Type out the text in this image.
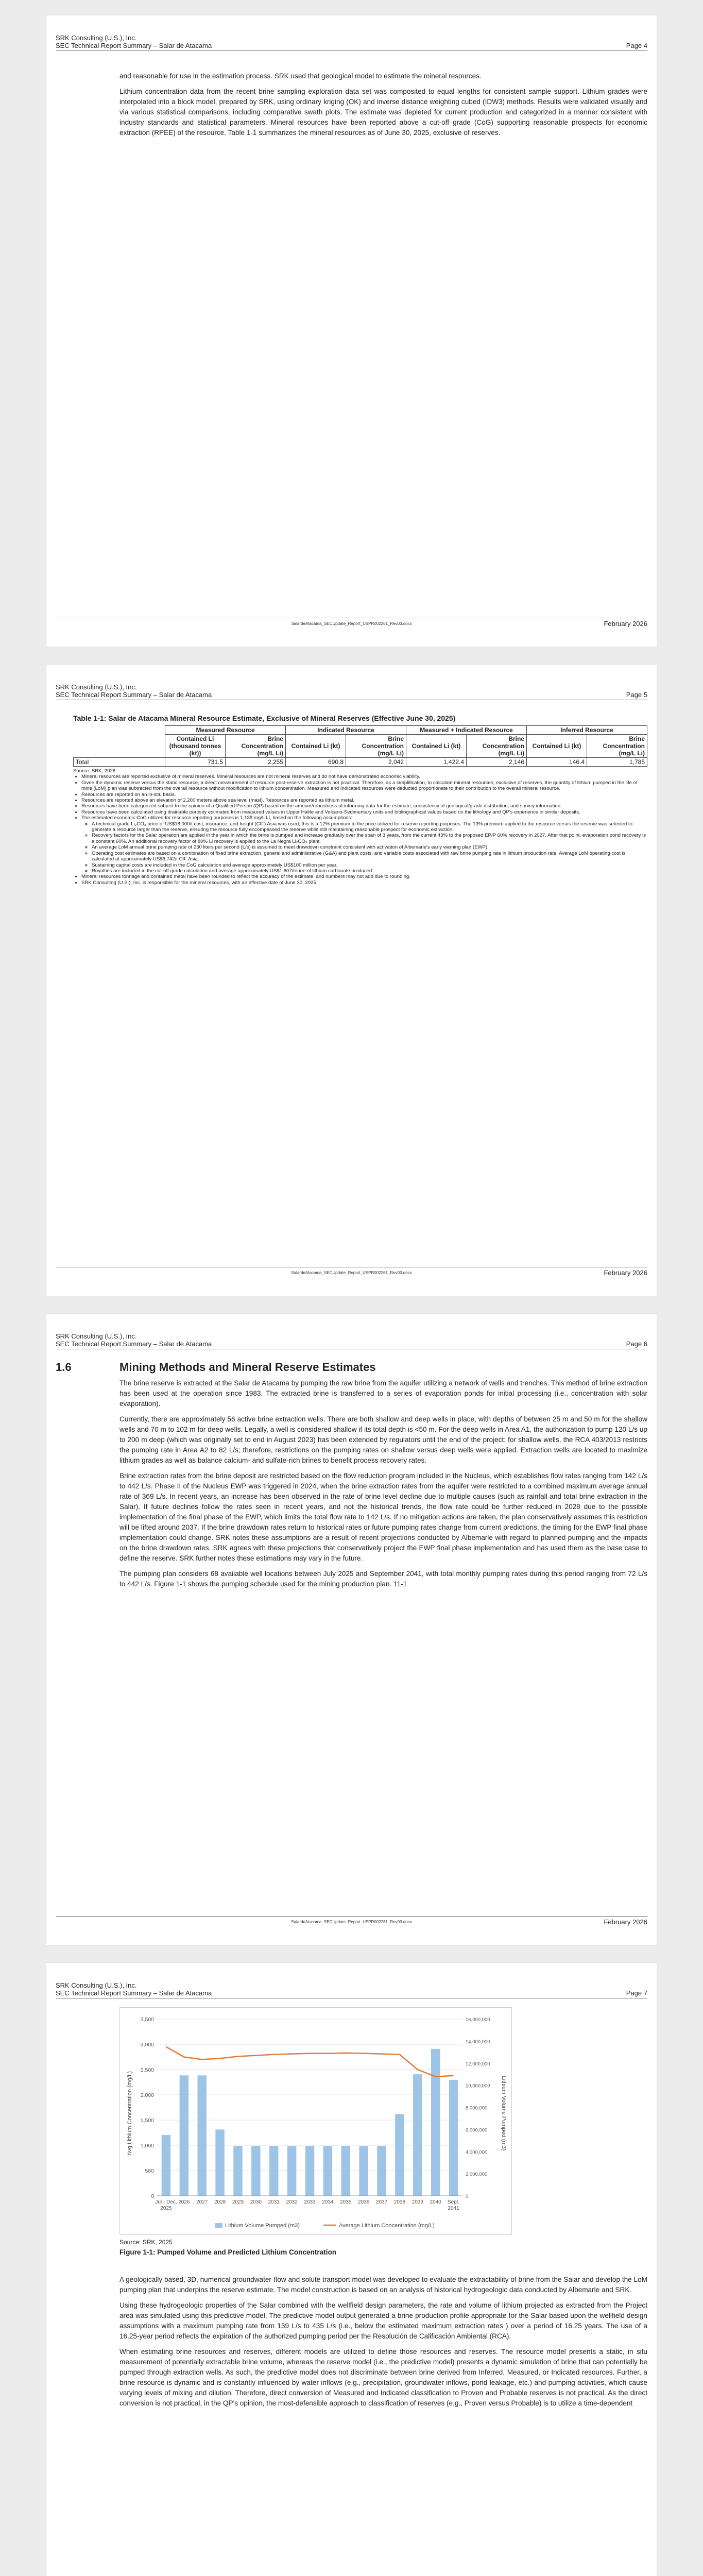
SRK Consulting (U.S.), Inc.
SEC Technical Report Summary – Salar de Atacama	Page 4

and reasonable for use in the estimation process. SRK used that geological model to estimate the mineral resources.

Lithium concentration data from the recent brine sampling exploration data set was composited to equal lengths for consistent sample support. Lithium grades were interpolated into a block model, prepared by SRK, using ordinary kriging (OK) and inverse distance weighting cubed (IDW3) methods. Results were validated visually and via various statistical comparisons, including comparative swath plots. The estimate was depleted for current production and categorized in a manner consistent with industry standards and statistical parameters. Mineral resources have been reported above a cut-off grade (CoG) supporting reasonable prospects for economic extraction (RPEE) of the resource. Table 1-1 summarizes the mineral resources as of June 30, 2025, exclusive of reserves.

SalardeAtacama_SECUpdate_Report_USPR002261_Rev03.docx	February 2026
SRK Consulting (U.S.), Inc.
SEC Technical Report Summary – Salar de Atacama	Page 5
Table 1-1: Salar de Atacama Mineral Resource Estimate, Exclusive of Mineral Reserves (Effective June 30, 2025)
	Measured Resource		Indicated Resource		Measured + Indicated Resource		Inferred Resource	
	Contained Li (thousand tonnes (kt))	Brine Concentration (mg/L Li)	Contained Li (kt)	Brine Concentration (mg/L Li)	Contained Li (kt)	Brine Concentration (mg/L Li)	Contained Li (kt)	Brine Concentration (mg/L Li)
Total	731.5	2,255	690.8	2,042	1,422.4	2,146	146.4	1,785
Source: SRK, 2026
• Mineral resources are reported exclusive of mineral reserves. Mineral resources are not mineral reserves and do not have demonstrated economic viability.
• Given the dynamic reserve versus the static resource, a direct measurement of resource post-reserve extraction is not practical. Therefore, as a simplification, to calculate mineral resources, exclusive of reserves, the quantity of lithium pumped in the life of mine (LoM) plan was subtracted from the overall resource without modification to lithium concentration. Measured and Indicated resources were deducted proportionate to their contribution to the overall mineral resource.
• Resources are reported on an in-situ basis.
• Resources are reported above an elevation of 2,200 meters above sea level (masl). Resources are reported as lithium metal.
• Resources have been categorized subject to the opinion of a Qualified Person (QP) based on the amount/robustness of informing data for the estimate, consistency of geological/grade distribution, and survey information.
• Resources have been calculated using drainable porosity estimated from measured values in Upper Halite and Volcano-Sedimentary units and bibliographical values based on the lithology and QP's experience in similar deposits.
• The estimated economic CoG utilized for resource reporting purposes is 1,138 mg/L Li, based on the following assumptions:
◦ A technical grade Li₂CO₃ price of US$18,000/t cost, insurance, and freight (CIF) Asia was used; this is a 12% premium to the price utilized for reserve reporting purposes. The 13% premium applied to the resource versus the reserve was selected to generate a resource larger than the reserve, ensuring the resource fully encompassed the reserve while still maintaining reasonable prospect for economic extraction.
◦ Recovery factors for the Salar operation are applied in the year in which the brine is pumped and increase gradually over the span of 3 years, from the current 43% to the proposed EP/P 60% recovery in 2027. After that point, evaporation pond recovery is a constant 60%. An additional recovery factor of 80% Li recovery is applied to the La Negra Li₂CO₃ plant.
◦ An average LoM annual brine pumping rate of 230 liters per second (L/s) is assumed to meet drawdown constraint consistent with activation of Albemarle's early warning plan (EWP).
◦ Operating cost estimates are based on a combination of fixed brine extraction, general and administrative (G&A) and plant costs, and variable costs associated with raw brine pumping rate in lithium production rate. Average LoM operating cost is calculated at approximately US$6,742/t CIF Asia.
◦ Sustaining capital costs are included in the CoG calculation and average approximately US$100 million per year.
◦ Royalties are included in the cut-off grade calculation and average approximately US$1,607/tonne of lithium carbonate produced.
• Mineral resources tonnage and contained metal have been rounded to reflect the accuracy of the estimate, and numbers may not add due to rounding.
• SRK Consulting (U.S.), Inc. is responsible for the mineral resources, with an effective date of June 30, 2025.
SalardeAtacama_SECUpdate_Report_USPR002261_Rev03.docx	February 2026
SRK Consulting (U.S.), Inc.
SEC Technical Report Summary – Salar de Atacama	Page 6
1.6	Mining Methods and Mineral Reserve Estimates

The brine reserve is extracted at the Salar de Atacama by pumping the raw brine from the aquifer utilizing a network of wells and trenches. This method of brine extraction has been used at the operation since 1983. The extracted brine is transferred to a series of evaporation ponds for initial processing (i.e., concentration with solar evaporation).

Currently, there are approximately 56 active brine extraction wells. There are both shallow and deep wells in place, with depths of between 25 m and 50 m for the shallow wells and 70 m to 102 m for deep wells. Legally, a well is considered shallow if its total depth is <50 m. For the deep wells in Area A1, the authorization to pump 120 L/s up to 200 m deep (which was originally set to end in August 2023) has been extended by regulators until the end of the project; for shallow wells, the RCA 403/2013 restricts the pumping rate in Area A2 to 82 L/s; therefore, restrictions on the pumping rates on shallow versus deep wells were applied. Extraction wells are located to maximize lithium grades as well as balance calcium- and sulfate-rich brines to benefit process recovery rates.

Brine extraction rates from the brine deposit are restricted based on the flow reduction program included in the Nucleus, which establishes flow rates ranging from 142 L/s to 442 L/s. Phase II of the Nucleus EWP was triggered in 2024, when the brine extraction rates from the aquifer were restricted to a combined maximum average annual rate of 369 L/s. In recent years, an increase has been observed in the rate of brine level decline due to multiple causes (such as rainfall and total brine extraction in the Salar). If future declines follow the rates seen in recent years, and not the historical trends, the flow rate could be further reduced in 2028 due to the possible implementation of the final phase of the EWP, which limits the total flow rate to 142 L/s. If no mitigation actions are taken, the plan conservatively assumes this restriction will be lifted around 2037. If the brine drawdown rates return to historical rates or future pumping rates change from current predictions, the timing for the EWP final phase implementation could change. SRK notes these assumptions are a result of recent projections conducted by Albemarle with regard to planned pumping and the impacts on the brine drawdown rates. SRK agrees with these projections that conservatively project the EWP final phase implementation and has used them as the base case to define the reserve. SRK further notes these estimations may vary in the future.

The pumping plan considers 68 available well locations between July 2025 and September 2041, with total monthly pumping rates during this period ranging from 72 L/s to 442 L/s. Figure 1-1 shows the pumping schedule used for the mining production plan. 11-1

SalardeAtacama_SECUpdate_Report_USPR002261_Rev03.docx	February 2026
SRK Consulting (U.S.), Inc.
SEC Technical Report Summary – Salar de Atacama	Page 7
0
500
1,000
1,500
2,000
2,500
3,000
3,500
0
2,000,000
4,000,000
6,000,000
8,000,000
10,000,000
12,000,000
14,000,000
16,000,000
Jul - Dec, 2025
2026 2027 2028 2029 2030 2031 2032 2033 2034 2035 2036 2037 2038 2039 2040 Sept. 2041
Avg Lithium Concentration (mg/L)	Lithium Volume Pumped (m3)
Lithium Volume Pumped (m3)	Average Lithium Concentration (mg/L)
Source: SRK, 2025
Figure 1-1: Pumped Volume and Predicted Lithium Concentration

A geologically based, 3D, numerical groundwater-flow and solute transport model was developed to evaluate the extractability of brine from the Salar and develop the LoM pumping plan that underpins the reserve estimate. The model construction is based on an analysis of historical hydrogeologic data conducted by Albemarle and SRK.

Using these hydrogeologic properties of the Salar combined with the wellfield design parameters, the rate and volume of lithium projected as extracted from the Project area was simulated using this predictive model. The predictive model output generated a brine production profile appropriate for the Salar based upon the wellfield design assumptions with a maximum pumping rate from 139 L/s to 435 L/s (i.e., below the estimated maximum extraction rates ) over a period of 16.25 years. The use of a 16.25-year period reflects the expiration of the authorized pumping period per the Resolución de Calificación Ambiental (RCA).

When estimating brine resources and reserves, different models are utilized to define those resources and reserves. The resource model presents a static, in situ measurement of potentially extractable brine volume, whereas the reserve model (i.e., the predictive model) presents a dynamic simulation of brine that can potentially be pumped through extraction wells. As such, the predictive model does not discriminate between brine derived from Inferred, Measured, or Indicated resources. Further, a brine resource is dynamic and is constantly influenced by water inflows (e.g., precipitation, groundwater inflows, pond leakage, etc.) and pumping activities, which cause varying levels of mixing and dilution. Therefore, direct conversion of Measured and Indicated classification to Proven and Probable reserves is not practical. As the direct conversion is not practical, in the QP's opinion, the most-defensible approach to classification of reserves (e.g., Proven versus Probable) is to utilize a time-dependent
